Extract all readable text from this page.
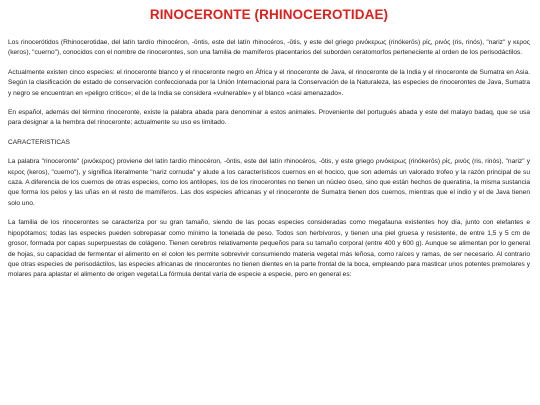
RINOCERONTE (RHINOCEROTIDAE)

Los rinocerótidos (Rhinocerotidae, del latín tardío rhinocéron, -ōntis, este del latín rhinocéros, -ōtis, y este del griego ρινόκερως (rinókerōs) ρίς, ρινός (ris, rinós), "nariz" y κερος (keros), "cuerno"), conocidos con el nombre de rinocerontes, son una familia de mamíferos placentarios del suborden ceratomorfos perteneciente al orden de los perisodáctilos.

Actualmente existen cinco especies: el rinoceronte blanco y el rinoceronte negro en África y el rinoceronte de Java, el rinoceronte de la India y el rinoceronte de Sumatra en Asia. Según la clasificación de estado de conservación confeccionada por la Unión Internacional para la Conservación de la Naturaleza, las especies de rinocerontes de Java, Sumatra y negro se encuentran en «peligro crítico»; el de la India se considera «vulnerable» y el blanco «casi amenazado».

En español, además del término rinoceronte, existe la palabra abada para denominar a estos animales. Proveniente del portugués abada y este del malayo badaq, que se usa para designar a la hembra del rinoceronte; actualmente su uso es limitado.

CARACTERISTICAS

La palabra "rinoceronte" (ρινόκερος) proviene del latín tardío rhinocéron, -ōntis, este del latín rhinocéros, -ōtis, y este griego ρινόκερως (rinókerōs) ρίς, ρινός (ris, rinós), "nariz" y κερος (keros), "cuerno"), y significa literalmente "nariz cornuda" y alude a los característicos cuernos en el hocico, que son además un valorado trofeo y la razón principal de su caza. A diferencia de los cuernos de otras especies, como los antílopes, los de los rinocerontes no tienen un núcleo óseo, sino que están hechos de queratina, la misma sustancia que forma los pelos y las uñas en el resto de mamíferos. Las dos especies africanas y el rinoceronte de Sumatra tienen dos cuernos, mientras que el indio y el de Java tienen solo uno.

La familia de los rinocerontes se caracteriza por su gran tamaño, siendo de las pocas especies consideradas como megafauna existentes hoy día, junto con elefantes e hipopótamos; todas las especies pueden sobrepasar como mínimo la tonelada de peso. Todos son herbívoros, y tienen una piel gruesa y resistente, de entre 1,5 y 5 cm de grosor, formada por capas superpuestas de colágeno. Tienen cerebros relativamente pequeños para su tamaño corporal (entre 400 y 600 g). Aunque se alimentan por lo general de hojas, su capacidad de fermentar el alimento en el colon les permite sobrevivir consumiendo materia vegetal más leñosa, como raíces y ramas, de ser necesario. Al contrario que otras especies de perisodáctilos, las especies africanas de rinocerontes no tienen dientes en la parte frontal de la boca, empleando para masticar unos potentes premolares y molares para aplastar el alimento de origen vegetal.La fórmula dental varía de especie a especie, pero en general es:
